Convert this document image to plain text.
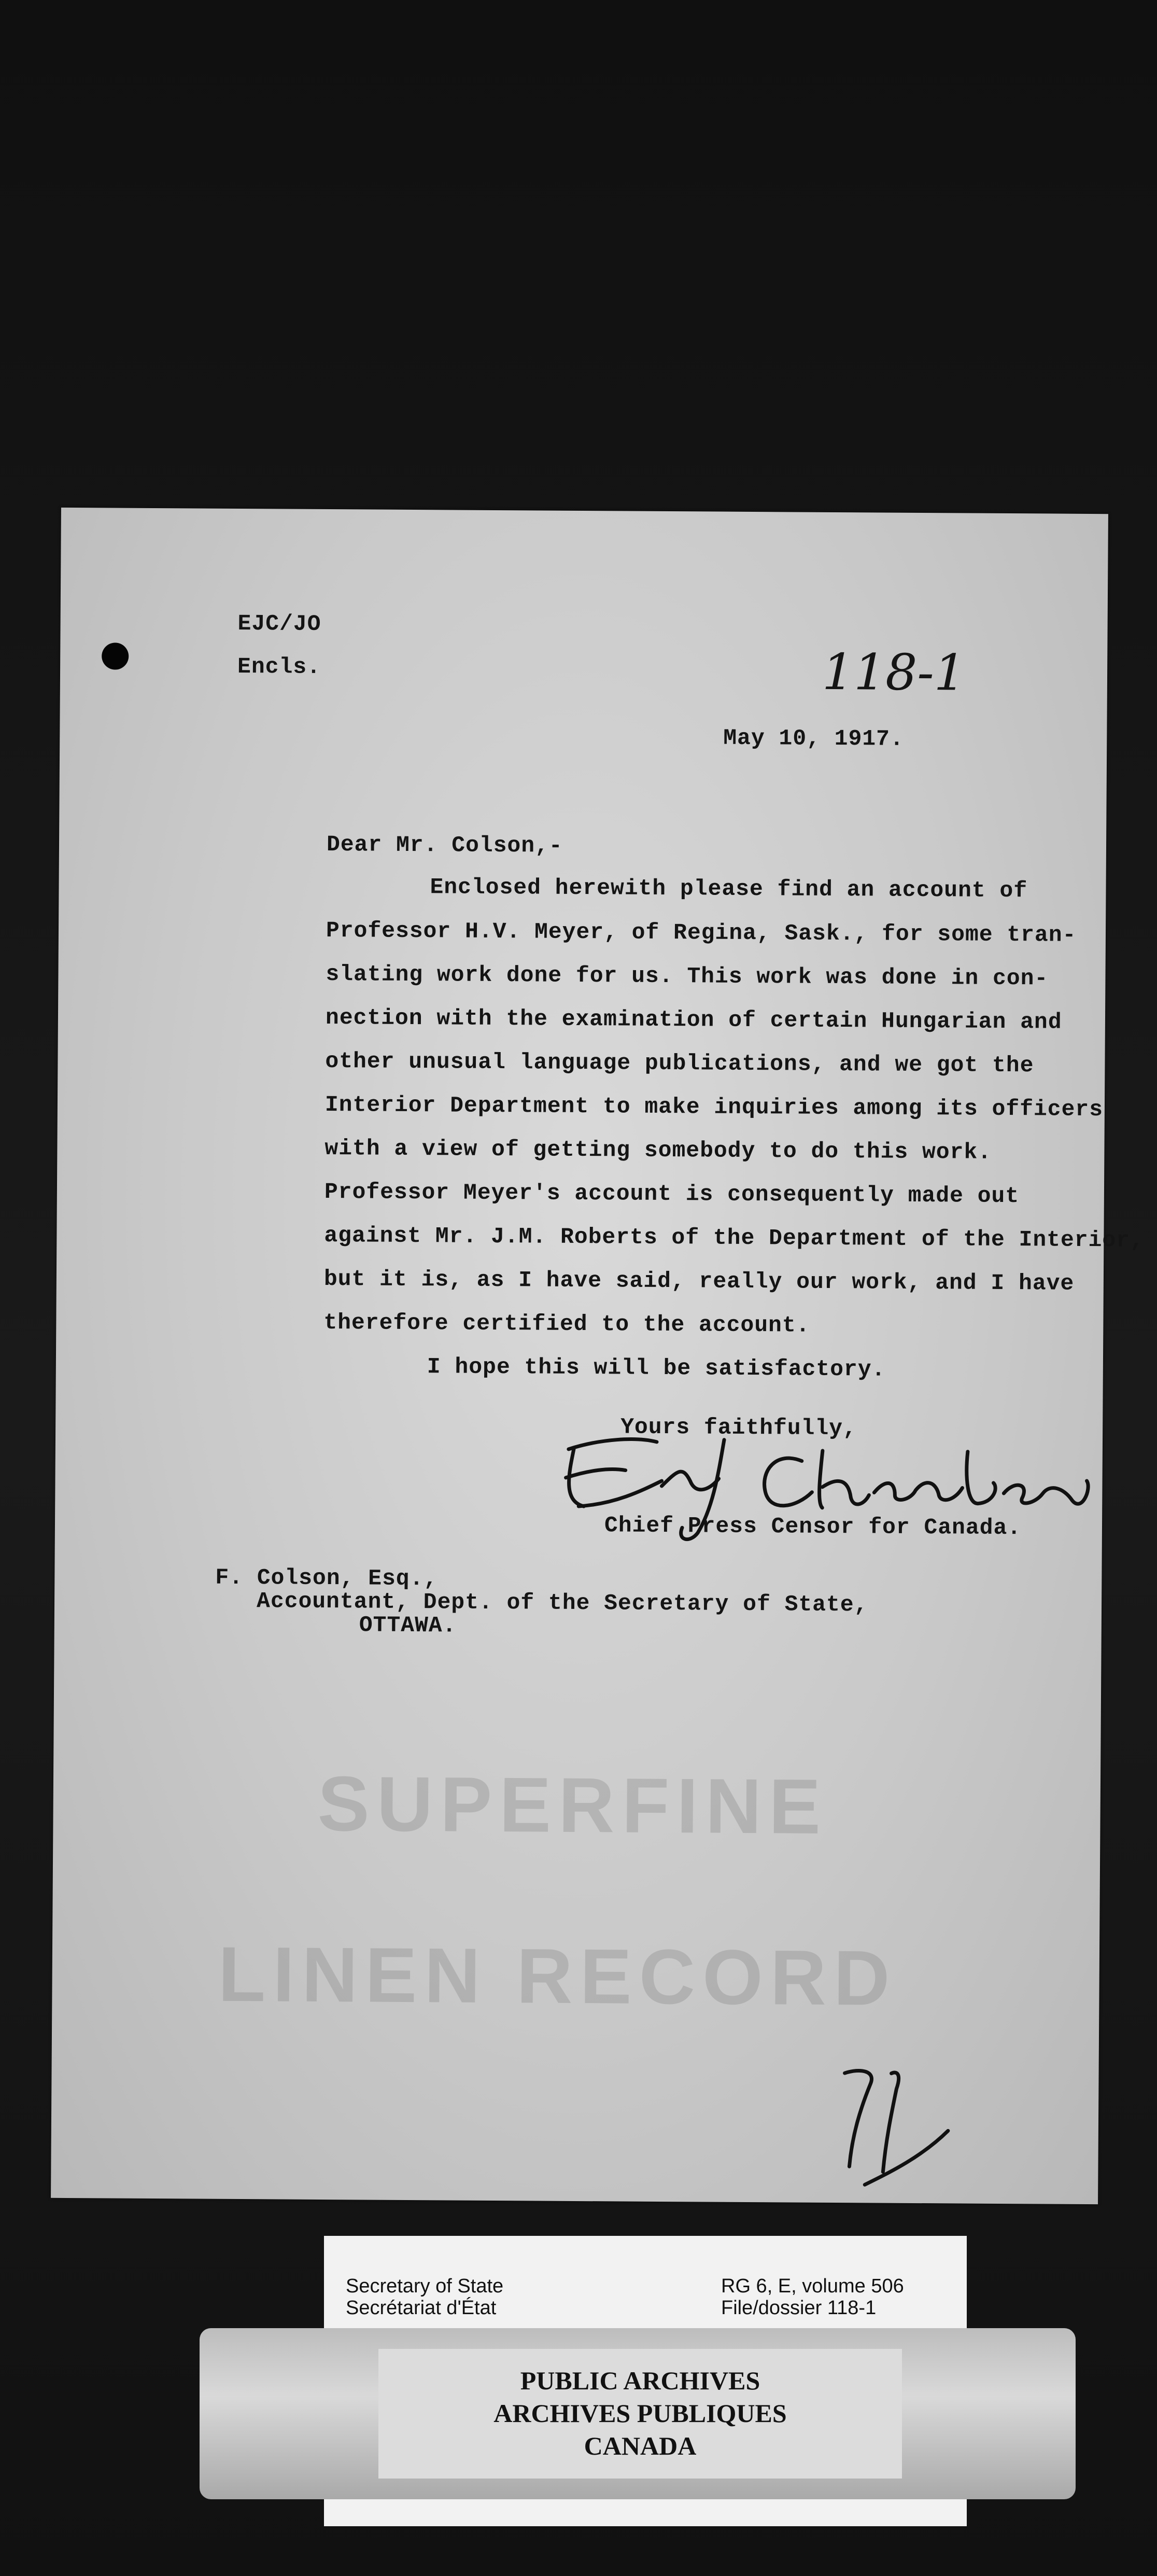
EJC/JO
Encls.	118-1
May 10, 1917.
Dear Mr. Colson,-
Enclosed herewith please find an account of
Professor H.V. Meyer, of Regina, Sask., for some tran-
slating work done for us. This work was done in con-
nection with the examination of certain Hungarian and
other unusual language publications, and we got the
Interior Department to make inquiries among its officers
with a view of getting somebody to do this work.
Professor Meyer's account is consequently made out
against Mr. J.M. Roberts of the Department of the Interior,
but it is, as I have said, really our work, and I have
therefore certified to the account.
I hope this will be satisfactory.
Yours faithfully,
Chief Press Censor for Canada.
F. Colson, Esq.,
Accountant, Dept. of the Secretary of State,
OTTAWA.
SUPERFINE
LINEN RECORD
Secretary of State
Secrétariat d'État
RG 6, E, volume 506
File/dossier 118-1
PUBLIC ARCHIVES
ARCHIVES PUBLIQUES
CANADA
